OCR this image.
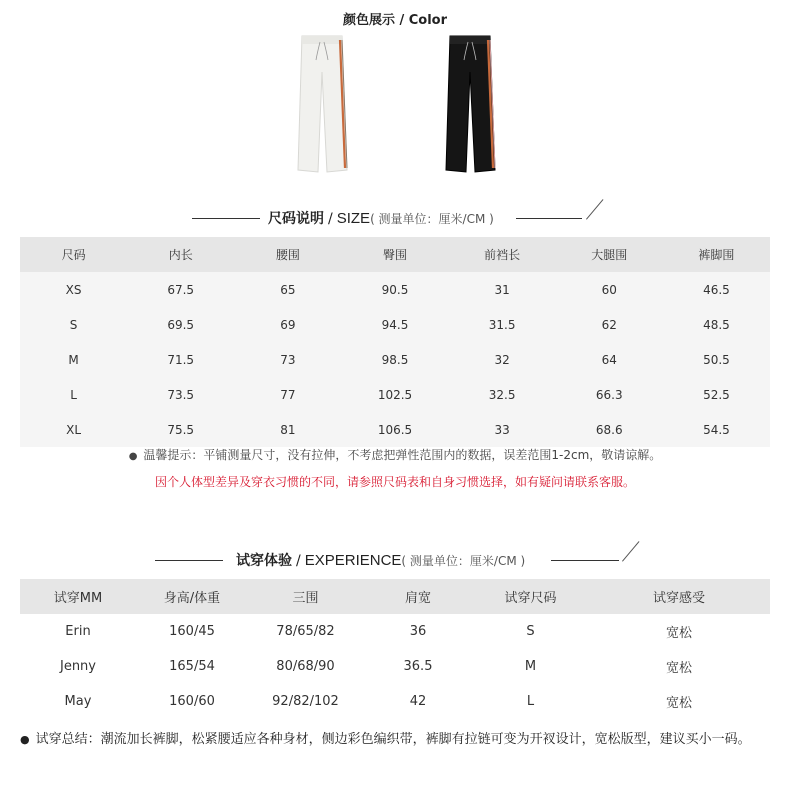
颜色展示 / Color
尺码说明 / SIZE( 测量单位：厘米/CM )
尺码	内长	腰围	臀围	前裆长	大腿围	裤脚围
XS	67.5	65	90.5	31	60	46.5
S	69.5	69	94.5	31.5	62	48.5
M	71.5	73	98.5	32	64	50.5
L	73.5	77	102.5	32.5	66.3	52.5
XL	75.5	81	106.5	33	68.6	54.5
● 温馨提示：平铺测量尺寸，没有拉伸，不考虑把弹性范围内的数据，误差范围1-2cm，敬请谅解。
因个人体型差异及穿衣习惯的不同，请参照尺码表和自身习惯选择，如有疑问请联系客服。
试穿体验 / EXPERIENCE( 测量单位：厘米/CM )
试穿MM	身高/体重	三围	肩宽	试穿尺码	试穿感受
Erin	160/45	78/65/82	36	S	宽松
Jenny	165/54	80/68/90	36.5	M	宽松
May	160/60	92/82/102	42	L	宽松
● 试穿总结：潮流加长裤脚，松紧腰适应各种身材，侧边彩色编织带，裤脚有拉链可变为开衩设计，宽松版型，建议买小一码。
